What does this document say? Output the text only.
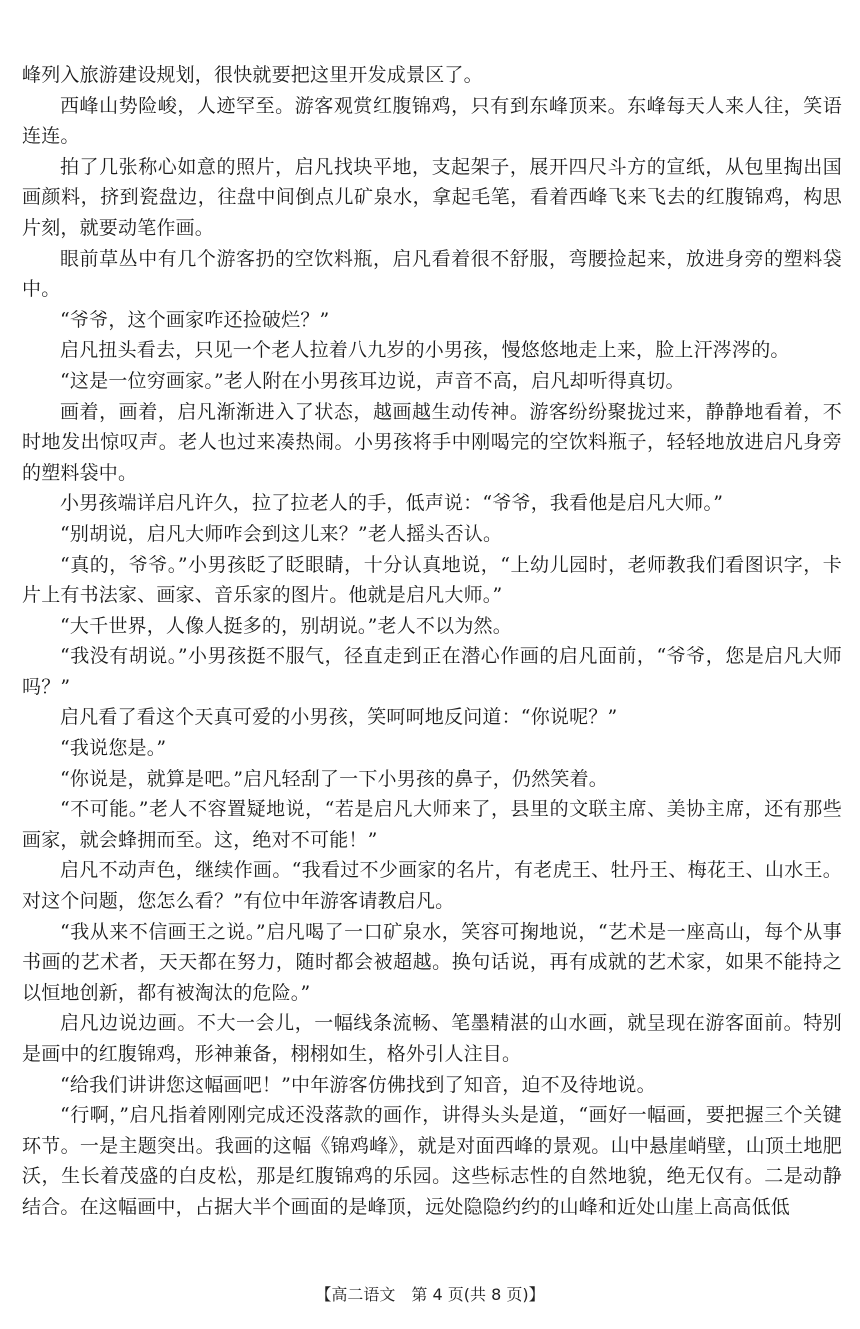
峰列入旅游建设规划，很快就要把这里开发成景区了。

西峰山势险峻，人迹罕至。游客观赏红腹锦鸡，只有到东峰顶来。东峰每天人来人往，笑语连连。

拍了几张称心如意的照片，启凡找块平地，支起架子，展开四尺斗方的宣纸，从包里掏出国画颜料，挤到瓷盘边，往盘中间倒点儿矿泉水，拿起毛笔，看着西峰飞来飞去的红腹锦鸡，构思片刻，就要动笔作画。

眼前草丛中有几个游客扔的空饮料瓶，启凡看着很不舒服，弯腰捡起来，放进身旁的塑料袋中。

“爷爷，这个画家咋还捡破烂？”

启凡扭头看去，只见一个老人拉着八九岁的小男孩，慢悠悠地走上来，脸上汗涔涔的。

“这是一位穷画家。”老人附在小男孩耳边说，声音不高，启凡却听得真切。

画着，画着，启凡渐渐进入了状态，越画越生动传神。游客纷纷聚拢过来，静静地看着，不时地发出惊叹声。老人也过来凑热闹。小男孩将手中刚喝完的空饮料瓶子，轻轻地放进启凡身旁的塑料袋中。

小男孩端详启凡许久，拉了拉老人的手，低声说：“爷爷，我看他是启凡大师。”

“别胡说，启凡大师咋会到这儿来？”老人摇头否认。

“真的，爷爷。”小男孩眨了眨眼睛，十分认真地说，“上幼儿园时，老师教我们看图识字，卡片上有书法家、画家、音乐家的图片。他就是启凡大师。”

“大千世界，人像人挺多的，别胡说。”老人不以为然。

“我没有胡说。”小男孩挺不服气，径直走到正在潜心作画的启凡面前，“爷爷，您是启凡大师吗？”

启凡看了看这个天真可爱的小男孩，笑呵呵地反问道：“你说呢？”

“我说您是。”

“你说是，就算是吧。”启凡轻刮了一下小男孩的鼻子，仍然笑着。

“不可能。”老人不容置疑地说，“若是启凡大师来了，县里的文联主席、美协主席，还有那些画家，就会蜂拥而至。这，绝对不可能！”

启凡不动声色，继续作画。“我看过不少画家的名片，有老虎王、牡丹王、梅花王、山水王。对这个问题，您怎么看？”有位中年游客请教启凡。

“我从来不信画王之说。”启凡喝了一口矿泉水，笑容可掬地说，“艺术是一座高山，每个从事书画的艺术者，天天都在努力，随时都会被超越。换句话说，再有成就的艺术家，如果不能持之以恒地创新，都有被淘汰的危险。”

启凡边说边画。不大一会儿，一幅线条流畅、笔墨精湛的山水画，就呈现在游客面前。特别是画中的红腹锦鸡，形神兼备，栩栩如生，格外引人注目。

“给我们讲讲您这幅画吧！”中年游客仿佛找到了知音，迫不及待地说。

“行啊，”启凡指着刚刚完成还没落款的画作，讲得头头是道，“画好一幅画，要把握三个关键环节。一是主题突出。我画的这幅《锦鸡峰》，就是对面西峰的景观。山中悬崖峭壁，山顶土地肥沃，生长着茂盛的白皮松，那是红腹锦鸡的乐园。这些标志性的自然地貌，绝无仅有。二是动静结合。在这幅画中，占据大半个画面的是峰顶，远处隐隐约约的山峰和近处山崖上高高低低

【高二语文　第 4 页(共 8 页)】
